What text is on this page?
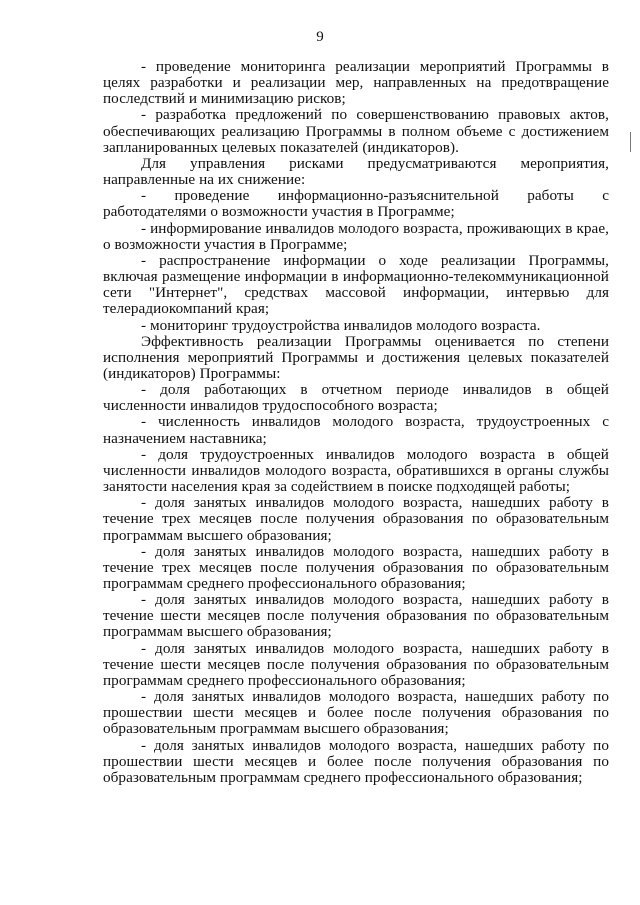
9

- проведение мониторинга реализации мероприятий Программы в целях разработки и реализации мер, направленных на предотвращение последствий и минимизацию рисков;

- разработка предложений по совершенствованию правовых актов, обеспечивающих реализацию Программы в полном объеме с достижением запланированных целевых показателей (индикаторов).

Для управления рисками предусматриваются мероприятия, направленные на их снижение:

- проведение информационно-разъяснительной работы с работодателями о возможности участия в Программе;

- информирование инвалидов молодого возраста, проживающих в крае, о возможности участия в Программе;

- распространение информации о ходе реализации Программы, включая размещение информации в информационно-телекоммуникационной сети "Интернет", средствах массовой информации, интервью для телерадиокомпаний края;

- мониторинг трудоустройства инвалидов молодого возраста.

Эффективность реализации Программы оценивается по степени исполнения мероприятий Программы и достижения целевых показателей (индикаторов) Программы:

- доля работающих в отчетном периоде инвалидов в общей численности инвалидов трудоспособного возраста;

- численность инвалидов молодого возраста, трудоустроенных с назначением наставника;

- доля трудоустроенных инвалидов молодого возраста в общей численности инвалидов молодого возраста, обратившихся в органы службы занятости населения края за содействием в поиске подходящей работы;

- доля занятых инвалидов молодого возраста, нашедших работу в течение трех месяцев после получения образования по образовательным программам высшего образования;

- доля занятых инвалидов молодого возраста, нашедших работу в течение трех месяцев после получения образования по образовательным программам среднего профессионального образования;

- доля занятых инвалидов молодого возраста, нашедших работу в течение шести месяцев после получения образования по образовательным программам высшего образования;

- доля занятых инвалидов молодого возраста, нашедших работу в течение шести месяцев после получения образования по образовательным программам среднего профессионального образования;

- доля занятых инвалидов молодого возраста, нашедших работу по прошествии шести месяцев и более после получения образования по образовательным программам высшего образования;

- доля занятых инвалидов молодого возраста, нашедших работу по прошествии шести месяцев и более после получения образования по образовательным программам среднего профессионального образования;
